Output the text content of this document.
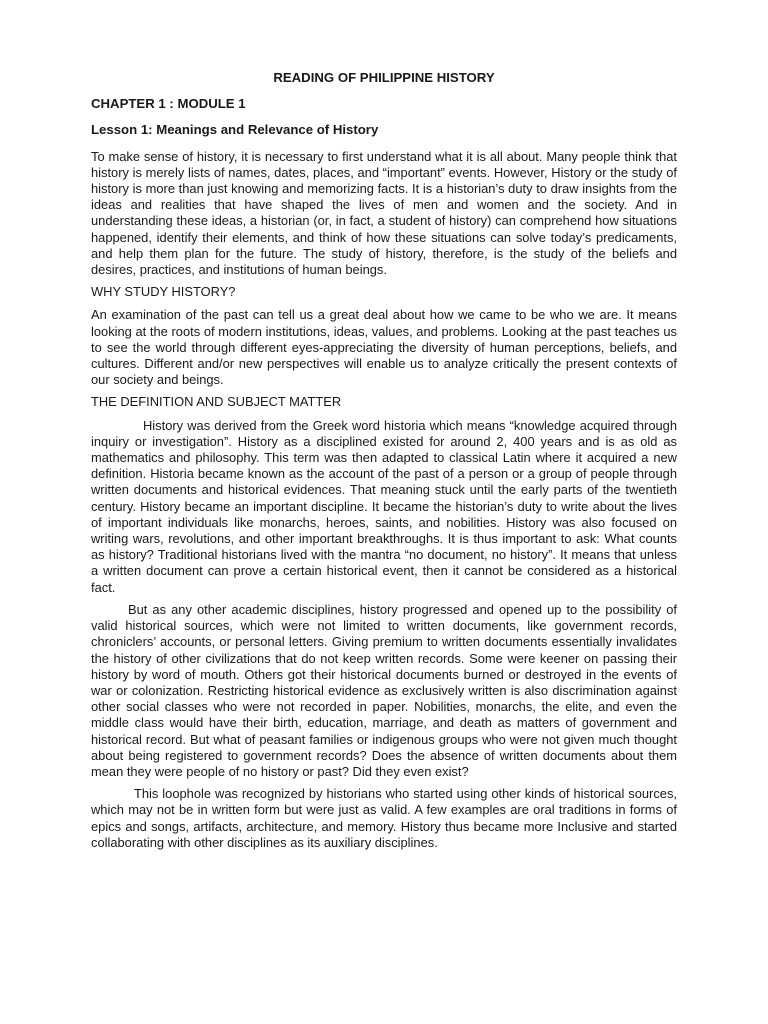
READING OF PHILIPPINE HISTORY
CHAPTER 1 : MODULE 1
Lesson 1: Meanings and Relevance of History

To make sense of history, it is necessary to first understand what it is all about. Many people think that history is merely lists of names, dates, places, and “important” events. However, History or the study of history is more than just knowing and memorizing facts. It is a historian’s duty to draw insights from the ideas and realities that have shaped the lives of men and women and the society. And in understanding these ideas, a historian (or, in fact, a student of history) can comprehend how situations happened, identify their elements, and think of how these situations can solve today’s predicaments, and help them plan for the future. The study of history, therefore, is the study of the beliefs and desires, practices, and institutions of human beings.

WHY STUDY HISTORY?

An examination of the past can tell us a great deal about how we came to be who we are. It means looking at the roots of modern institutions, ideas, values, and problems. Looking at the past teaches us to see the world through different eyes-appreciating the diversity of human perceptions, beliefs, and cultures. Different and/or new perspectives will enable us to analyze critically the present contexts of our society and beings.

THE DEFINITION AND SUBJECT MATTER

History was derived from the Greek word historia which means “knowledge acquired through inquiry or investigation”. History as a disciplined existed for around 2, 400 years and is as old as mathematics and philosophy. This term was then adapted to classical Latin where it acquired a new definition. Historia became known as the account of the past of a person or a group of people through written documents and historical evidences. That meaning stuck until the early parts of the twentieth century. History became an important discipline. It became the historian’s duty to write about the lives of important individuals like monarchs, heroes, saints, and nobilities. History was also focused on writing wars, revolutions, and other important breakthroughs. It is thus important to ask: What counts as history? Traditional historians lived with the mantra “no document, no history”. It means that unless a written document can prove a certain historical event, then it cannot be considered as a historical fact.

But as any other academic disciplines, history progressed and opened up to the possibility of valid historical sources, which were not limited to written documents, like government records, chroniclers’ accounts, or personal letters. Giving premium to written documents essentially invalidates the history of other civilizations that do not keep written records. Some were keener on passing their history by word of mouth. Others got their historical documents burned or destroyed in the events of war or colonization. Restricting historical evidence as exclusively written is also discrimination against other social classes who were not recorded in paper. Nobilities, monarchs, the elite, and even the middle class would have their birth, education, marriage, and death as matters of government and historical record. But what of peasant families or indigenous groups who were not given much thought about being registered to government records? Does the absence of written documents about them mean they were people of no history or past? Did they even exist?

This loophole was recognized by historians who started using other kinds of historical sources, which may not be in written form but were just as valid. A few examples are oral traditions in forms of epics and songs, artifacts, architecture, and memory. History thus became more Inclusive and started collaborating with other disciplines as its auxiliary disciplines.
